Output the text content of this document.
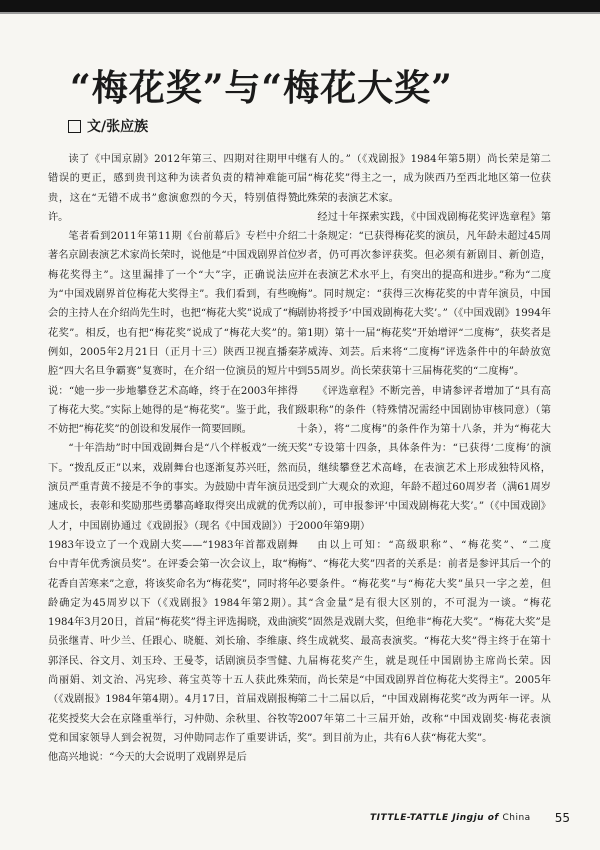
“梅花奖”与“梅花大奖”
文/张应族

读了《中国京剧》2012年第三、四期对往期甲中错误的更正，感到贵刊这种为读者负责的精神难能可贵，这在“无错不成书”愈演愈烈的今天，特别值得赞许。

笔者看到2011年第11期《台前幕后》专栏中介绍著名京剧表演艺术家尚长荣时，说他是“中国戏剧界首位梅花奖得主”。这里漏排了一个“大”字，正确说法应为“中国戏剧界首位梅花大奖得主”。我们看到，有些晚会的主持人在介绍尚先生时，也把“梅花大奖”说成了“梅花奖”。相反，也有把“梅花奖”说成了“梅花大奖”的。例如，2005年2月21日（正月十三）陕西卫视直播秦腔“四大名旦争霸赛”复赛时，在介绍一位演员的短片中说：“她一步一步地攀登艺术高峰，终于在2003年摔得了梅花大奖。”实际上她得的是“梅花奖”。鉴于此，我们不妨把“梅花奖”的创设和发展作一简要回顾。

“十年浩劫”时中国戏剧舞台是“八个样板戏”一统天下。“拨乱反正”以来，戏剧舞台也逐渐复苏兴旺，然而演员严重青黄不接是不争的事实。为鼓励中青年演员迅速成长，表彰和奖励那些勇攀高峰取得突出成就的优秀人才，中国剧协通过《戏剧报》（现名《中国戏剧》）于1983年设立了一个戏剧大奖——“1983年首都戏剧舞台中青年优秀演员奖”。在评委会第一次会议上，取“梅花香自苦寒来”之意，将该奖命名为“梅花奖”，同时将年龄确定为45周岁以下（《戏剧报》1984年第2期）。1984年3月20日，首届“梅花奖”得主评选揭晓，戏曲演员张继青、叶少兰、任跟心、晓艇、刘长瑜、李维康、郭泽民、谷文月、刘玉玲、王曼苓，话剧演员李雪健、尚丽娟、刘文治、冯宪珍、蒋宝英等十五人获此殊荣（《戏剧报》1984年第4期）。4月17日，首届戏剧报梅花奖授奖大会在京隆重举行，习仲勋、余秋里、谷牧等党和国家领导人到会祝贺，习仲勋同志作了重要讲话，他高兴地说：“今天的大会说明了戏剧界是后

继有人的。”（《戏剧报》1984年第5期）尚长荣是第二届“梅花奖”得主之一，成为陕西乃至西北地区第一位获此殊荣的表演艺术家。

经过十年探索实践，《中国戏剧梅花奖评选章程》第二十条规定：“已获得梅花奖的演员，凡年龄未超过45周岁者，仍可再次参评获奖。但必须有新剧目、新创造，并在表演艺术水平上，有突出的提高和进步。”称为“二度梅”。同时规定：“获得三次梅花奖的中青年演员，中国剧协将授予‘中国戏剧梅花大奖’。”（《中国戏剧》1994年第1期）第十一届“梅花奖”开始增评“二度梅”，获奖者是茅威涛、刘芸。后来将“二度梅”评选条件中的年龄放宽到55周岁。尚长荣获第十三届梅花奖的“二度梅”。

《评选章程》不断完善，申请参评者增加了“具有高级职称”的条件（特殊情况需经中国剧协审核同意）（第十条），将“二度梅”的条件作为第十八条，并为“梅花大奖”专设第十四条，具体条件为：“已获得‘二度梅’的演员，继续攀登艺术高峰，在表演艺术上形成独特风格，受到广大观众的欢迎，年龄不超过60周岁者（满61周岁以前），可申报参评‘中国戏剧梅花大奖’。”（《中国戏剧》2000年第9期）

由以上可知：“高级职称”、“梅花奖”、“二度梅”、“梅花大奖”四者的关系是：前者是参评其后一个的必要条件。“梅花奖”与“梅花大奖”虽只一字之差，但其“含金量”是有很大区别的，不可混为一谈。“梅花奖”固然是戏剧大奖，但绝非“梅花大奖”。“梅花大奖”是终生成就奖、最高表演奖。“梅花大奖”得主终于在第十九届梅花奖产生，就是现任中国剧协主席尚长荣。因而，尚长荣是“中国戏剧界首位梅花大奖得主”。2005年第二十二届以后，“中国戏剧梅花奖”改为两年一评。从2007年第二十三届开始，改称“中国戏剧奖·梅花表演奖”。到目前为止，共有6人获“梅花大奖”。

TITTLE-TATTLE Jingju of China 55
